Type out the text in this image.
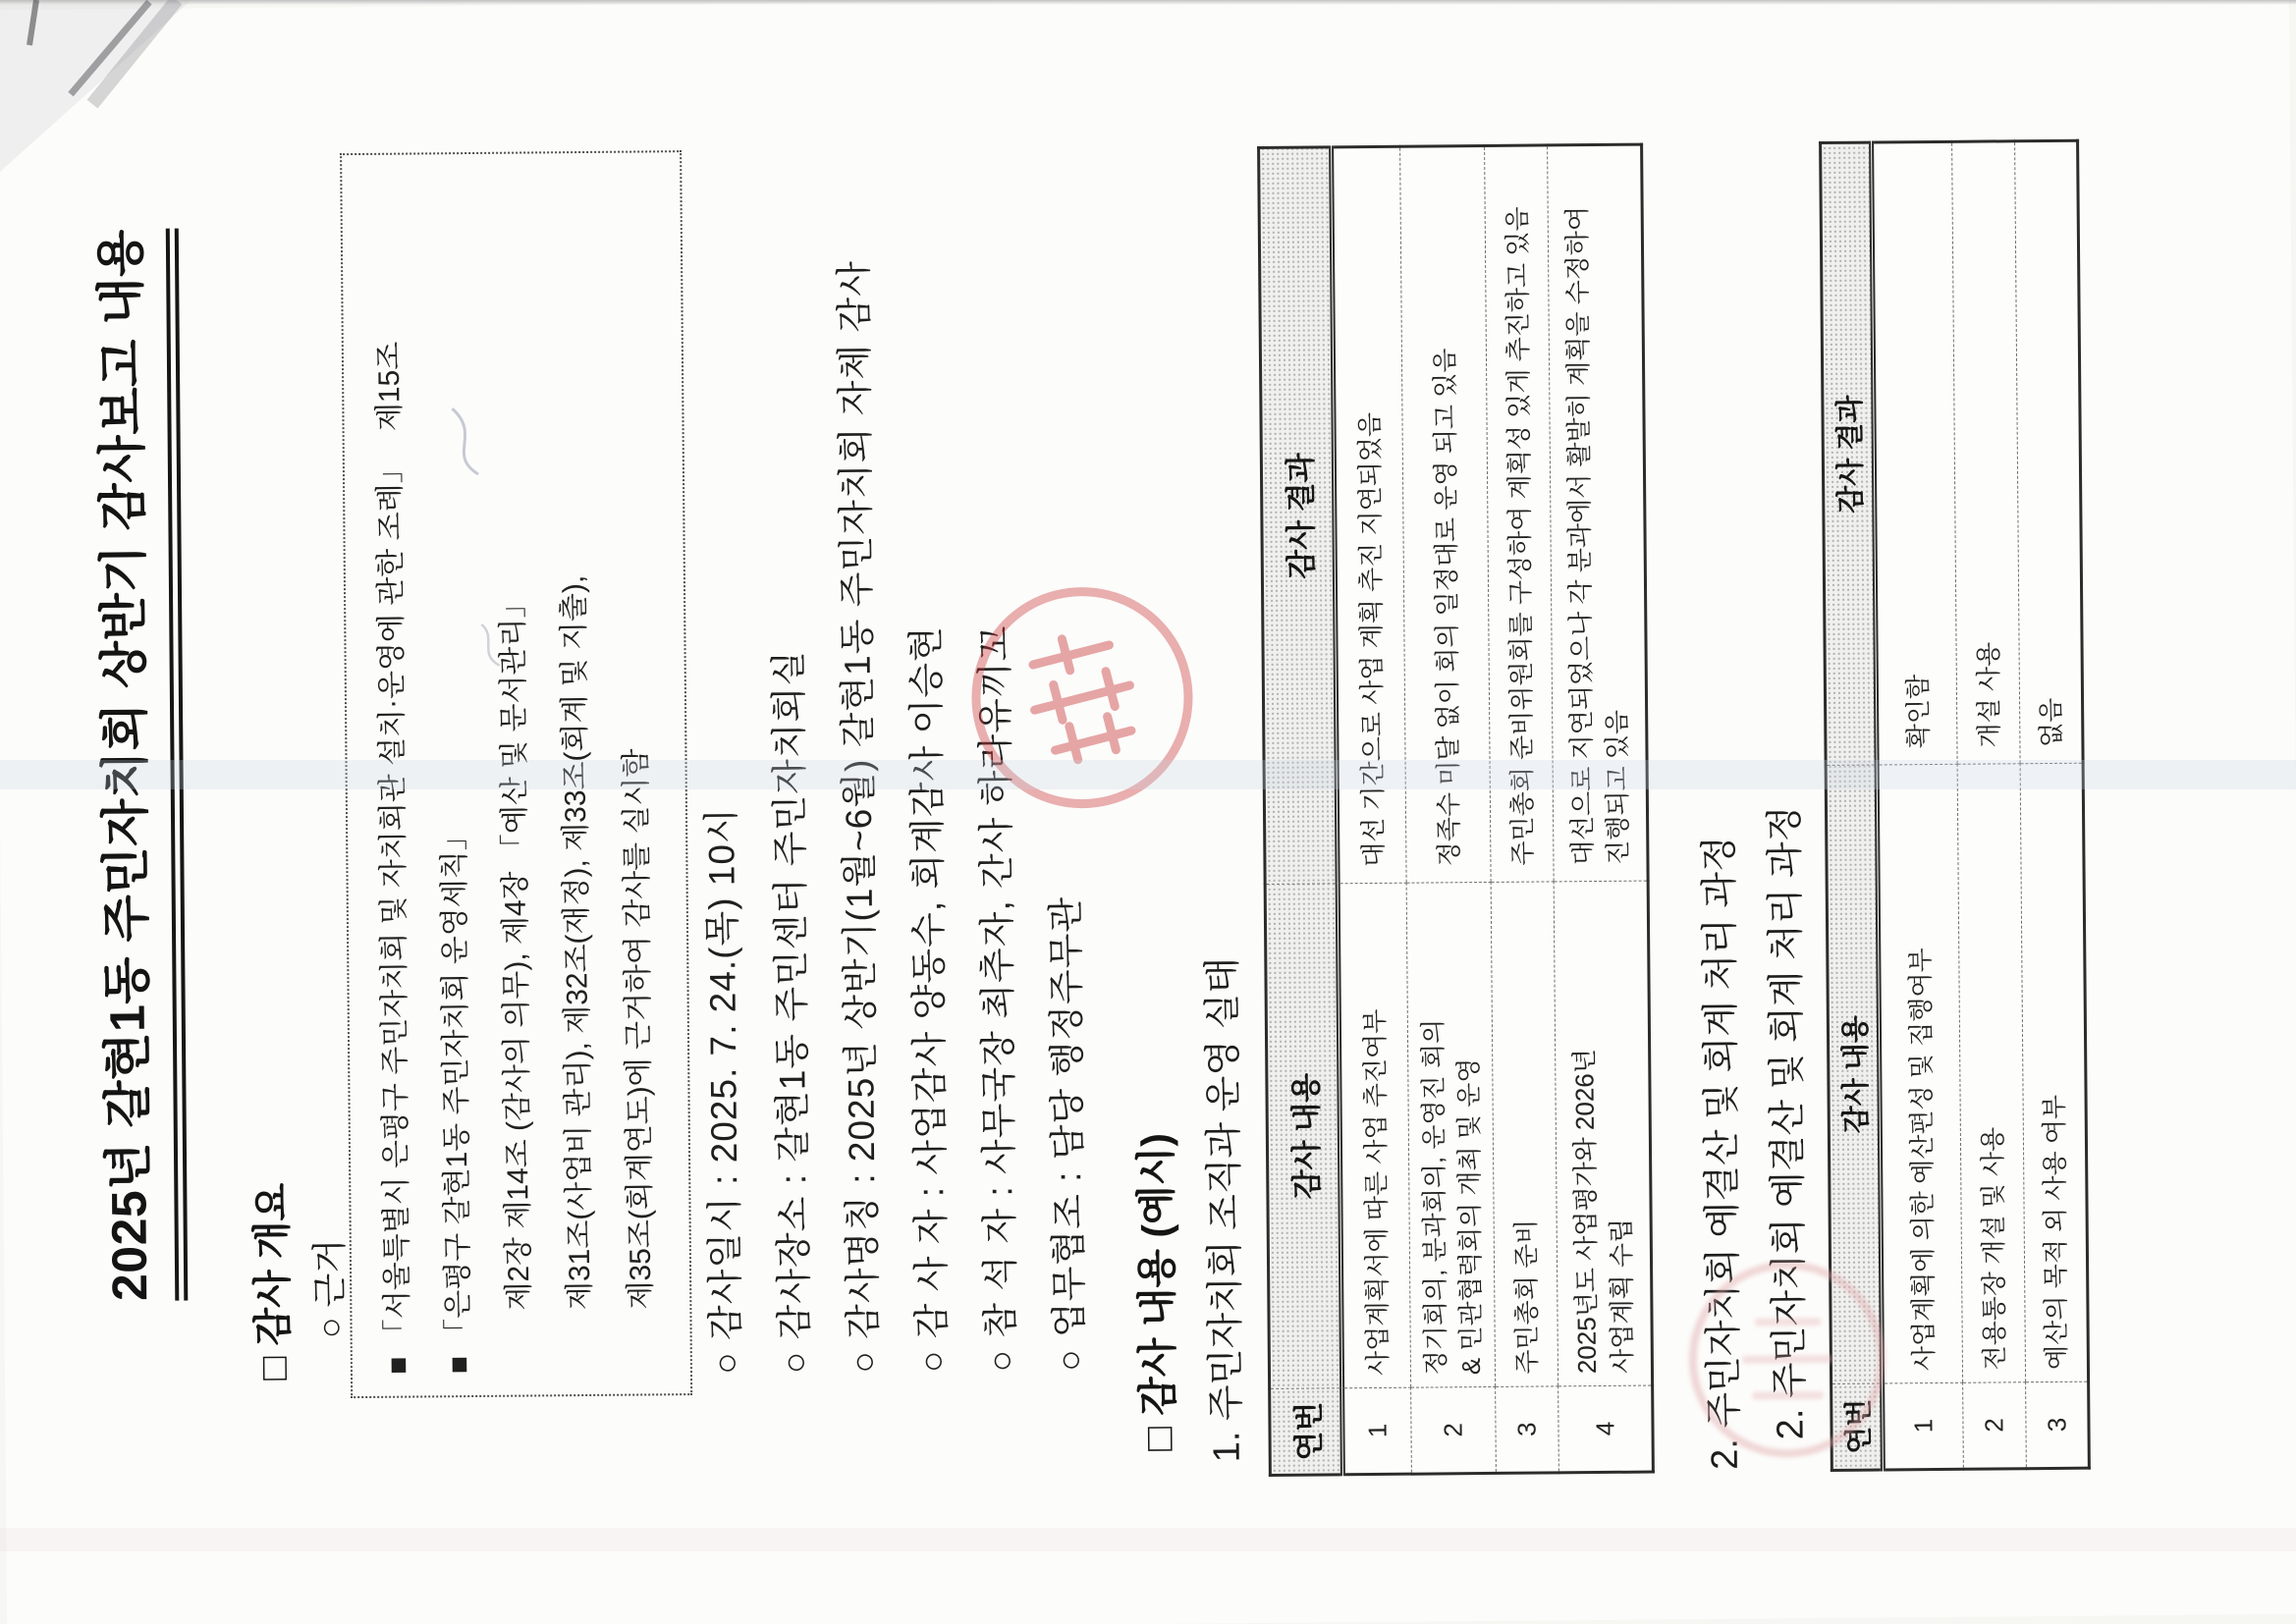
2025년 갈현1동 주민자치회 상반기 감사보고 내용	□ 감사 개요 ○ 근거 ■ 「서울특별시 은평구 주민자치회 및 자치회관 설치·운영에 관한 조례」　 제15조 ■ 「은평구 갈현1동 주민자치회 운영세칙」 제2장 제14조 (감사의 의무), 제4장 「예산 및 문서관리」 제31조(사업비 관리), 제32조(재정), 제33조(회계 및 지출), 제35조(회계연도)에 근거하여 감사를 실시함	○ 감사일시 : 2025. 7. 24.(목) 10시 ○ 감사장소 : 갈현1동 주민센터 주민자치회실 ○ 감사명칭 : 2025년 상반기(1월~6월) 갈현1동 주민자치회 자체 감사 ○ 감 사 자 : 사업감사 양동수, 회계감사 이승현 ○ 참 석 자 : 사무국장 최추자, 간사 하라유끼꼬 ○ 업무협조 : 담당 행정주무관	□ 감사 내용 (예시) 1. 주민자치회 조직과 운영 실태 연번	감사 내용	감사 결과
1	사업계획서에 따른 사업 추진여부	대선 기간으로 사업 계획 추진 지연되었음
2	정기회의, 분과회의, 운영진 회의
& 민관협력회의 개최 및 운영	정족수 미달 없이 회의 일정대로 운영 되고 있음
3	주민총회 준비	주민총회 준비위원회를 구성하여 계획성 있게 추진하고 있음
4	2025년도 사업평가와 2026년
사업계획 수립	대선으로 지연되었으나 각 분과에서 활발히 계획을 수정하여
진행되고 있음
2. 주민자치회 예결산 및 회계 처리 과정 2. 주민자치회 예결산 및 회계 처리 과정 연번	감사 내용	감사 결과
1	사업계획에 의한 예산편성 및 집행여부	확인함
2	전용통장 개설 및 사용	개설 사용
3	예산의 목적 외 사용 여부	없음
